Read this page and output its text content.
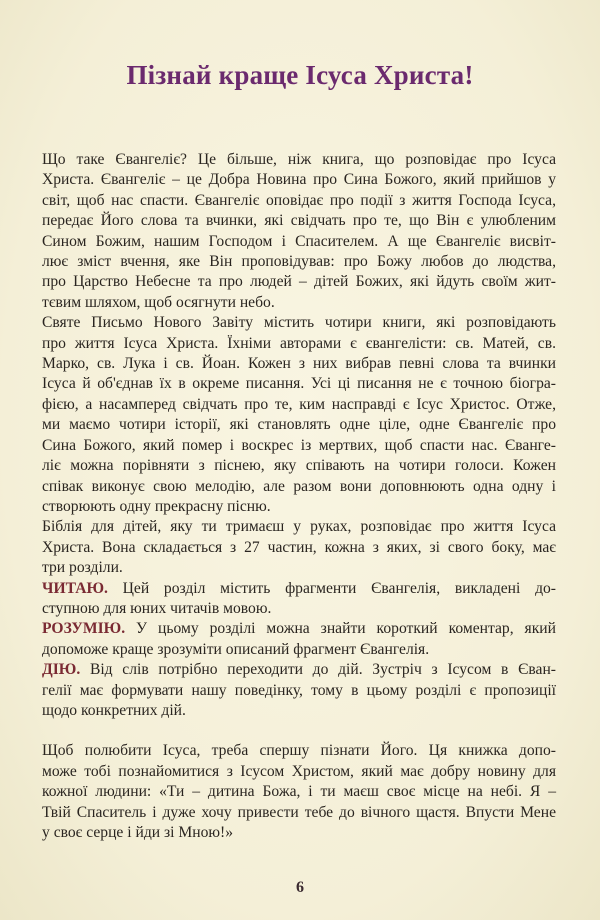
Пізнай краще Ісуса Христа!

Що таке Євангеліє? Це більше, ніж книга, що розповідає про Ісуса
Христа. Євангеліє – це Добра Новина про Сина Божого, який прийшов у
світ, щоб нас спасти. Євангеліє оповідає про події з життя Господа Ісуса,
передає Його слова та вчинки, які свідчать про те, що Він є улюбленим
Сином Божим, нашим Господом і Спасителем. А ще Євангеліє висвіт-
лює зміст вчення, яке Він проповідував: про Божу любов до людства,
про Царство Небесне та про людей – дітей Божих, які йдуть своїм жит-
тєвим шляхом, щоб осягнути небо.

Святе Письмо Нового Завіту містить чотири книги, які розповідають
про життя Ісуса Христа. Їхніми авторами є євангелісти: св. Матей, св.
Марко, св. Лука і св. Йоан. Кожен з них вибрав певні слова та вчинки
Ісуса й об'єднав їх в окреме писання. Усі ці писання не є точною біогра-
фією, а насамперед свідчать про те, ким насправді є Ісус Христос. Отже,
ми маємо чотири історії, які становлять одне ціле, одне Євангеліє про
Сина Божого, який помер і воскрес із мертвих, щоб спасти нас. Єванге-
ліє можна порівняти з піснею, яку співають на чотири голоси. Кожен
співак виконує свою мелодію, але разом вони доповнюють одна одну і
створюють одну прекрасну пісню.

Біблія для дітей, яку ти тримаєш у руках, розповідає про життя Ісуса
Христа. Вона складається з 27 частин, кожна з яких, зі свого боку, має
три розділи.

ЧИТАЮ. Цей розділ містить фрагменти Євангелія, викладені до-
ступною для юних читачів мовою.

РОЗУМІЮ. У цьому розділі можна знайти короткий коментар, який
допоможе краще зрозуміти описаний фрагмент Євангелія.

ДІЮ. Від слів потрібно переходити до дій. Зустріч з Ісусом в Єван-
гелії має формувати нашу поведінку, тому в цьому розділі є пропозиції
щодо конкретних дій.

Щоб полюбити Ісуса, треба спершу пізнати Його. Ця книжка допо-
може тобі познайомитися з Ісусом Христом, який має добру новину для
кожної людини: «Ти – дитина Божа, і ти маєш своє місце на небі. Я –
Твій Спаситель і дуже хочу привести тебе до вічного щастя. Впусти Мене
у своє серце і йди зі Мною!»

6
